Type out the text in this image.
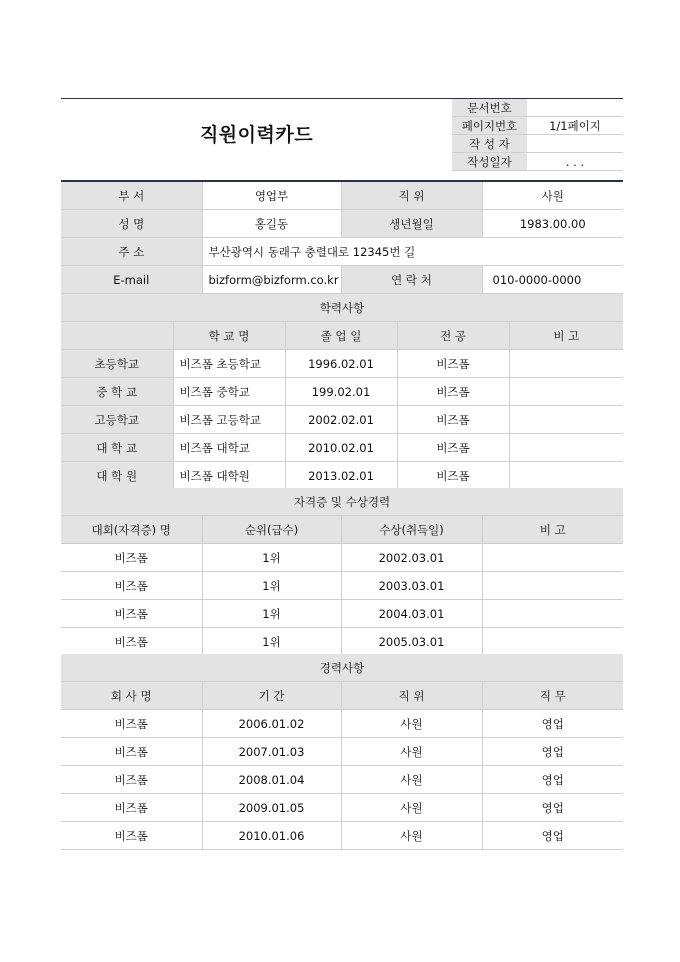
직원이력카드
문서번호	
페이지번호	1/1페이지
작 성 자	
작성일자	. . .
부 서	영업부	직 위	사원
성 명	홍길동	생년월일	1983.00.00
주 소	부산광역시 동래구 충렬대로 12345번 길		
E-mail	bizform@bizform.co.kr	연 락 처	010-0000-0000
학력사항				
	학 교 명	졸 업 일	전 공	비 고
초등학교	비즈폼 초등학교	1996.02.01	비즈폼	
중 학 교	비즈폼 중학교	199.02.01	비즈폼	
고등학교	비즈폼 고등학교	2002.02.01	비즈폼	
대 학 교	비즈폼 대학교	2010.02.01	비즈폼	
대 학 원	비즈폼 대학원	2013.02.01	비즈폼	
자격증 및 수상경력			
대회(자격증) 명	순위(급수)	수상(취득일)	비 고
비즈폼	1위	2002.03.01	
비즈폼	1위	2003.03.01	
비즈폼	1위	2004.03.01	
비즈폼	1위	2005.03.01	
경력사항			
회 사 명	기 간	직 위	직 무
비즈폼	2006.01.02	사원	영업
비즈폼	2007.01.03	사원	영업
비즈폼	2008.01.04	사원	영업
비즈폼	2009.01.05	사원	영업
비즈폼	2010.01.06	사원	영업
